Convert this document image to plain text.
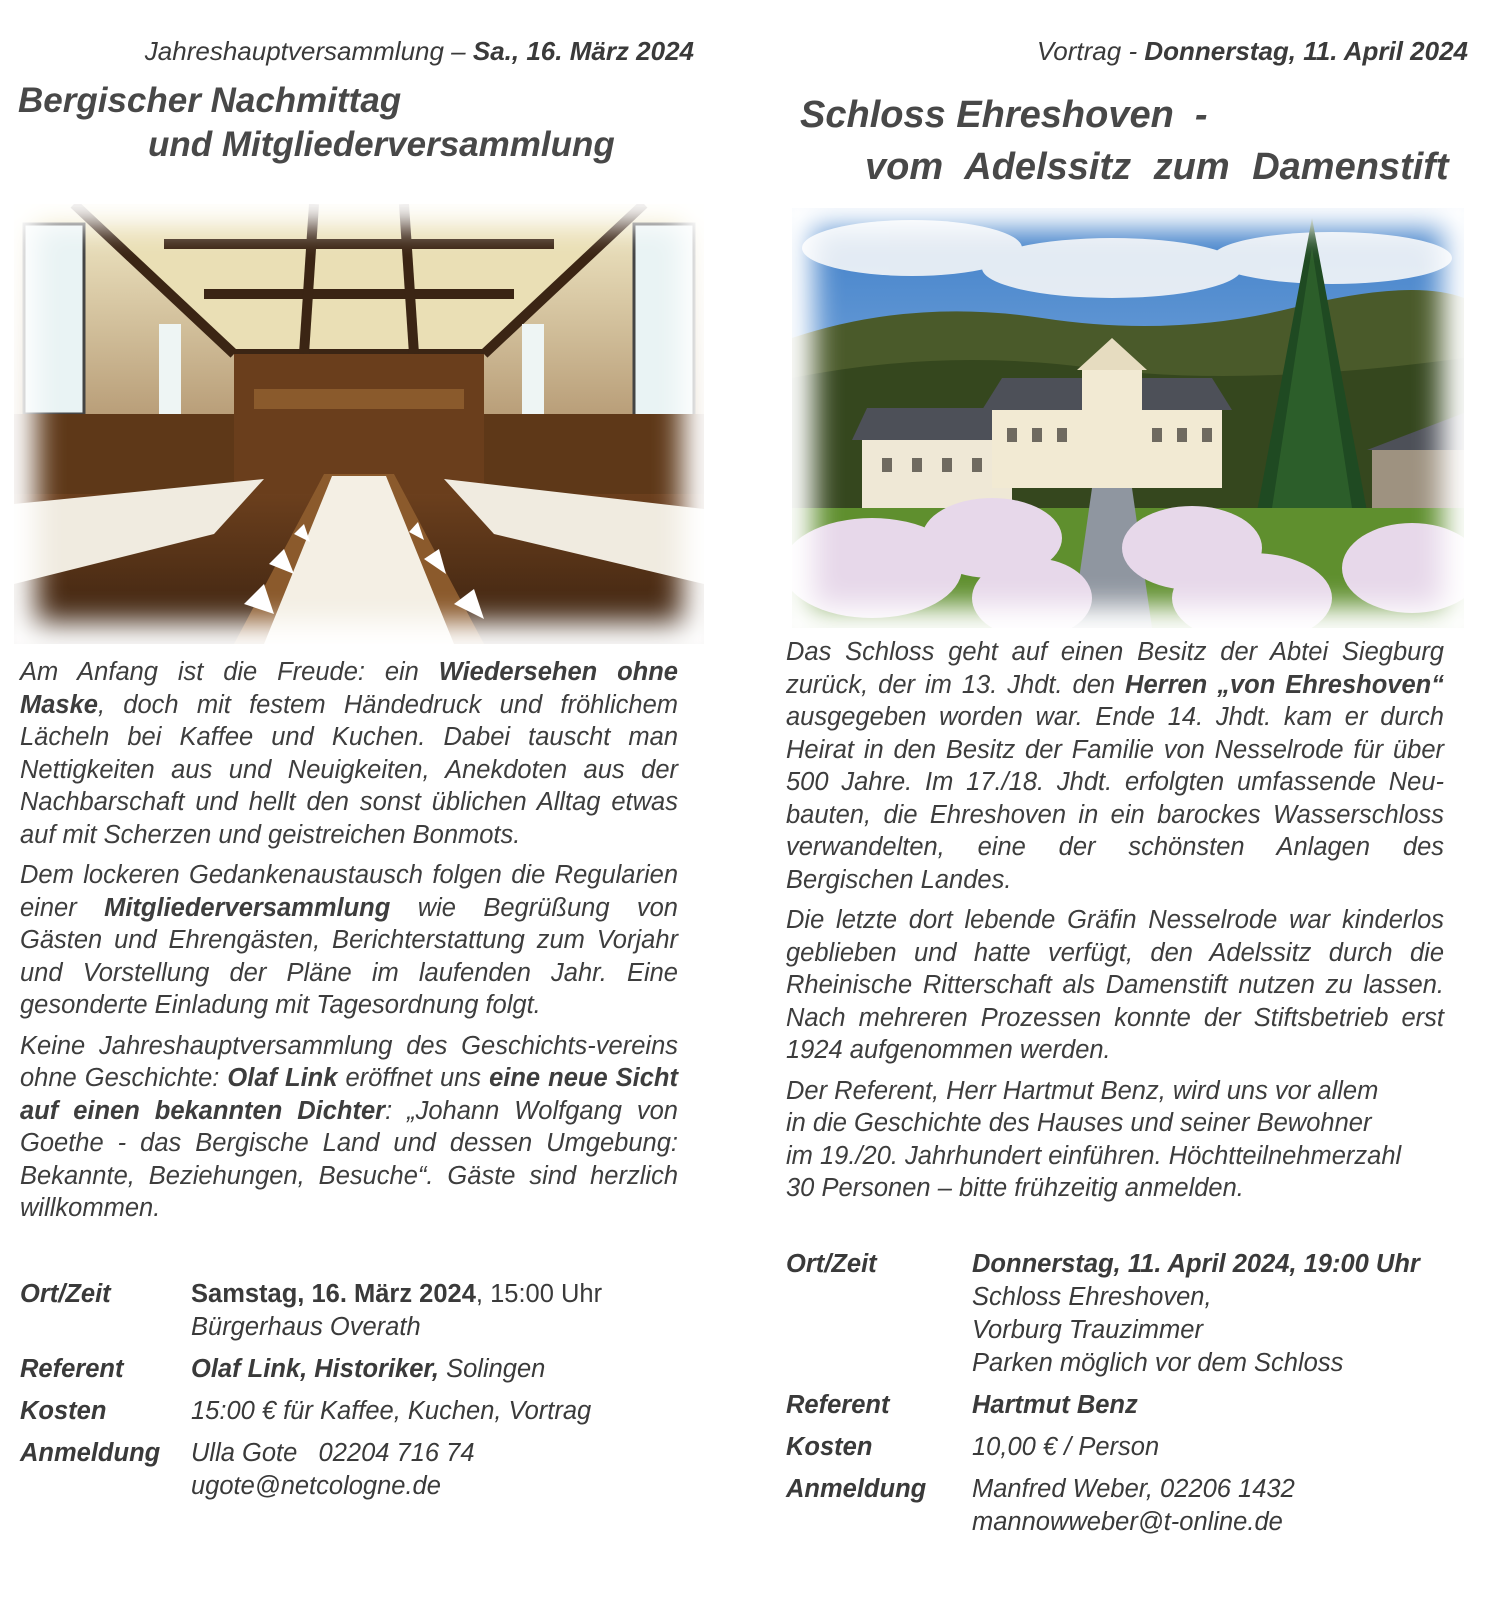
Jahreshauptversammlung – Sa., 16. März 2024
Bergischer Nachmittag
und Mitgliederversammlung

Am Anfang ist die Freude: ein Wiedersehen ohne Maske, doch mit festem Händedruck und fröhlichem Lächeln bei Kaffee und Kuchen. Dabei tauscht man Nettigkeiten aus und Neuigkeiten, Anekdoten aus der Nachbarschaft und hellt den sonst üblichen Alltag etwas auf mit Scherzen und geistreichen Bonmots.

Dem lockeren Gedankenaustausch folgen die Regularien einer Mitgliederversammlung wie Begrüßung von Gästen und Ehrengästen, Berichterstattung zum Vorjahr und Vorstellung der Pläne im laufenden Jahr. Eine gesonderte Einladung mit Tagesordnung folgt.

Keine Jahreshauptversammlung des Geschichts-vereins ohne Geschichte: Olaf Link eröffnet uns eine neue Sicht auf einen bekannten Dichter: „Johann Wolfgang von Goethe - das Bergische Land und dessen Umgebung: Bekannte, Beziehungen, Besuche“. Gäste sind herzlich willkommen.

Ort/Zeit	Samstag, 16. März 2024, 15:00 Uhr
Bürgerhaus Overath
Referent	Olaf Link, Historiker, Solingen
Kosten	15:00 € für Kaffee, Kuchen, Vortrag
Anmeldung	Ulla Gote   02204 716 74
ugote@netcologne.de
Vortrag - Donnerstag, 11. April 2024
Schloss Ehreshoven  -
vom Adelssitz zum Damenstift

Das Schloss geht auf einen Besitz der Abtei Siegburg zurück, der im 13. Jhdt. den Herren „von Ehreshoven“ ausgegeben worden war. Ende 14. Jhdt. kam er durch Heirat in den Besitz der Familie von Nesselrode für über 500 Jahre. Im 17./18. Jhdt. erfolgten umfassende Neu-bauten, die Ehreshoven in ein barockes Wasserschloss verwandelten, eine der schönsten Anlagen des Bergischen Landes.

Die letzte dort lebende Gräfin Nesselrode war kinderlos geblieben und hatte verfügt, den Adelssitz durch die Rheinische Ritterschaft als Damenstift nutzen zu lassen. Nach mehreren Prozessen konnte der Stiftsbetrieb erst 1924 aufgenommen werden.

Der Referent, Herr Hartmut Benz, wird uns vor allem
in die Geschichte des Hauses und seiner Bewohner
im 19./20. Jahrhundert einführen. Höchtteilnehmerzahl
30 Personen – bitte frühzeitig anmelden.

Ort/Zeit	Donnerstag, 11. April 2024, 19:00 Uhr
Schloss Ehreshoven,
Vorburg Trauzimmer
Parken möglich vor dem Schloss
Referent	Hartmut Benz
Kosten	10,00 € / Person
Anmeldung	Manfred Weber, 02206 1432
mannowweber@t-online.de
